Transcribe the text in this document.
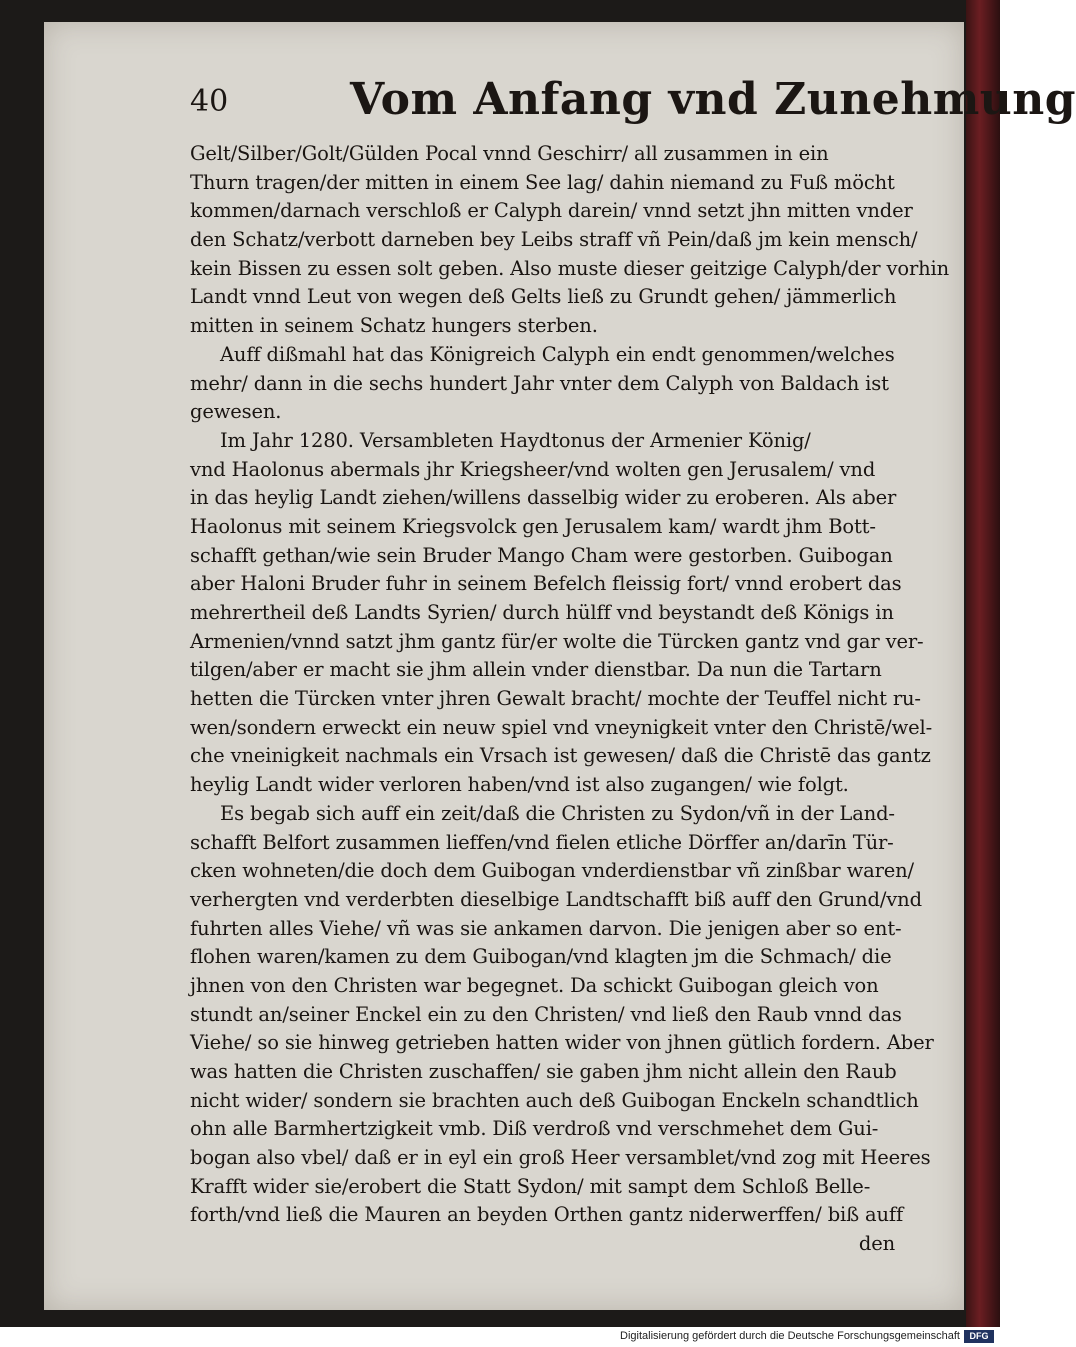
40	Vom Anfang vnd Zunehmung
Gelt/Silber/Golt/Gülden Pocal vnnd Geschirr/ all zusammen in ein
Thurn tragen/der mitten in einem See lag/ dahin niemand zu Fuß möcht
kommen/darnach verschloß er Calyph darein/ vnnd setzt jhn mitten vnder
den Schatz/verbott darneben bey Leibs straff vñ Pein/daß jm kein mensch/
kein Bissen zu essen solt geben. Also muste dieser geitzige Calyph/der vorhin
Landt vnnd Leut von wegen deß Gelts ließ zu Grundt gehen/ jämmerlich
mitten in seinem Schatz hungers sterben.
Auff dißmahl hat das Königreich Calyph ein endt genommen/welches
mehr/ dann in die sechs hundert Jahr vnter dem Calyph von Baldach ist
gewesen.
Im Jahr 1280. Versambleten Haydtonus der Armenier König/
vnd Haolonus abermals jhr Kriegsheer/vnd wolten gen Jerusalem/ vnd
in das heylig Landt ziehen/willens dasselbig wider zu eroberen. Als aber
Haolonus mit seinem Kriegsvolck gen Jerusalem kam/ wardt jhm Bott-
schafft gethan/wie sein Bruder Mango Cham were gestorben. Guibogan
aber Haloni Bruder fuhr in seinem Befelch fleissig fort/ vnnd erobert das
mehrertheil deß Landts Syrien/ durch hülff vnd beystandt deß Königs in
Armenien/vnnd satzt jhm gantz für/er wolte die Türcken gantz vnd gar ver-
tilgen/aber er macht sie jhm allein vnder dienstbar. Da nun die Tartarn
hetten die Türcken vnter jhren Gewalt bracht/ mochte der Teuffel nicht ru-
wen/sondern erweckt ein neuw spiel vnd vneynigkeit vnter den Christē/wel-
che vneinigkeit nachmals ein Vrsach ist gewesen/ daß die Christē das gantz
heylig Landt wider verloren haben/vnd ist also zugangen/ wie folgt.
Es begab sich auff ein zeit/daß die Christen zu Sydon/vñ in der Land-
schafft Belfort zusammen lieffen/vnd fielen etliche Dörffer an/darīn Tür-
cken wohneten/die doch dem Guibogan vnderdienstbar vñ zinßbar waren/
verhergten vnd verderbten dieselbige Landtschafft biß auff den Grund/vnd
fuhrten alles Viehe/ vñ was sie ankamen darvon. Die jenigen aber so ent-
flohen waren/kamen zu dem Guibogan/vnd klagten jm die Schmach/ die
jhnen von den Christen war begegnet. Da schickt Guibogan gleich von
stundt an/seiner Enckel ein zu den Christen/ vnd ließ den Raub vnnd das
Viehe/ so sie hinweg getrieben hatten wider von jhnen gütlich fordern. Aber
was hatten die Christen zuschaffen/ sie gaben jhm nicht allein den Raub
nicht wider/ sondern sie brachten auch deß Guibogan Enckeln schandtlich
ohn alle Barmhertzigkeit vmb. Diß verdroß vnd verschmehet dem Gui-
bogan also vbel/ daß er in eyl ein groß Heer versamblet/vnd zog mit Heeres
Krafft wider sie/erobert die Statt Sydon/ mit sampt dem Schloß Belle-
forth/vnd ließ die Mauren an beyden Orthen gantz niderwerffen/ biß auff
den
Digitalisierung gefördert durch die Deutsche Forschungsgemeinschaft	DFG
